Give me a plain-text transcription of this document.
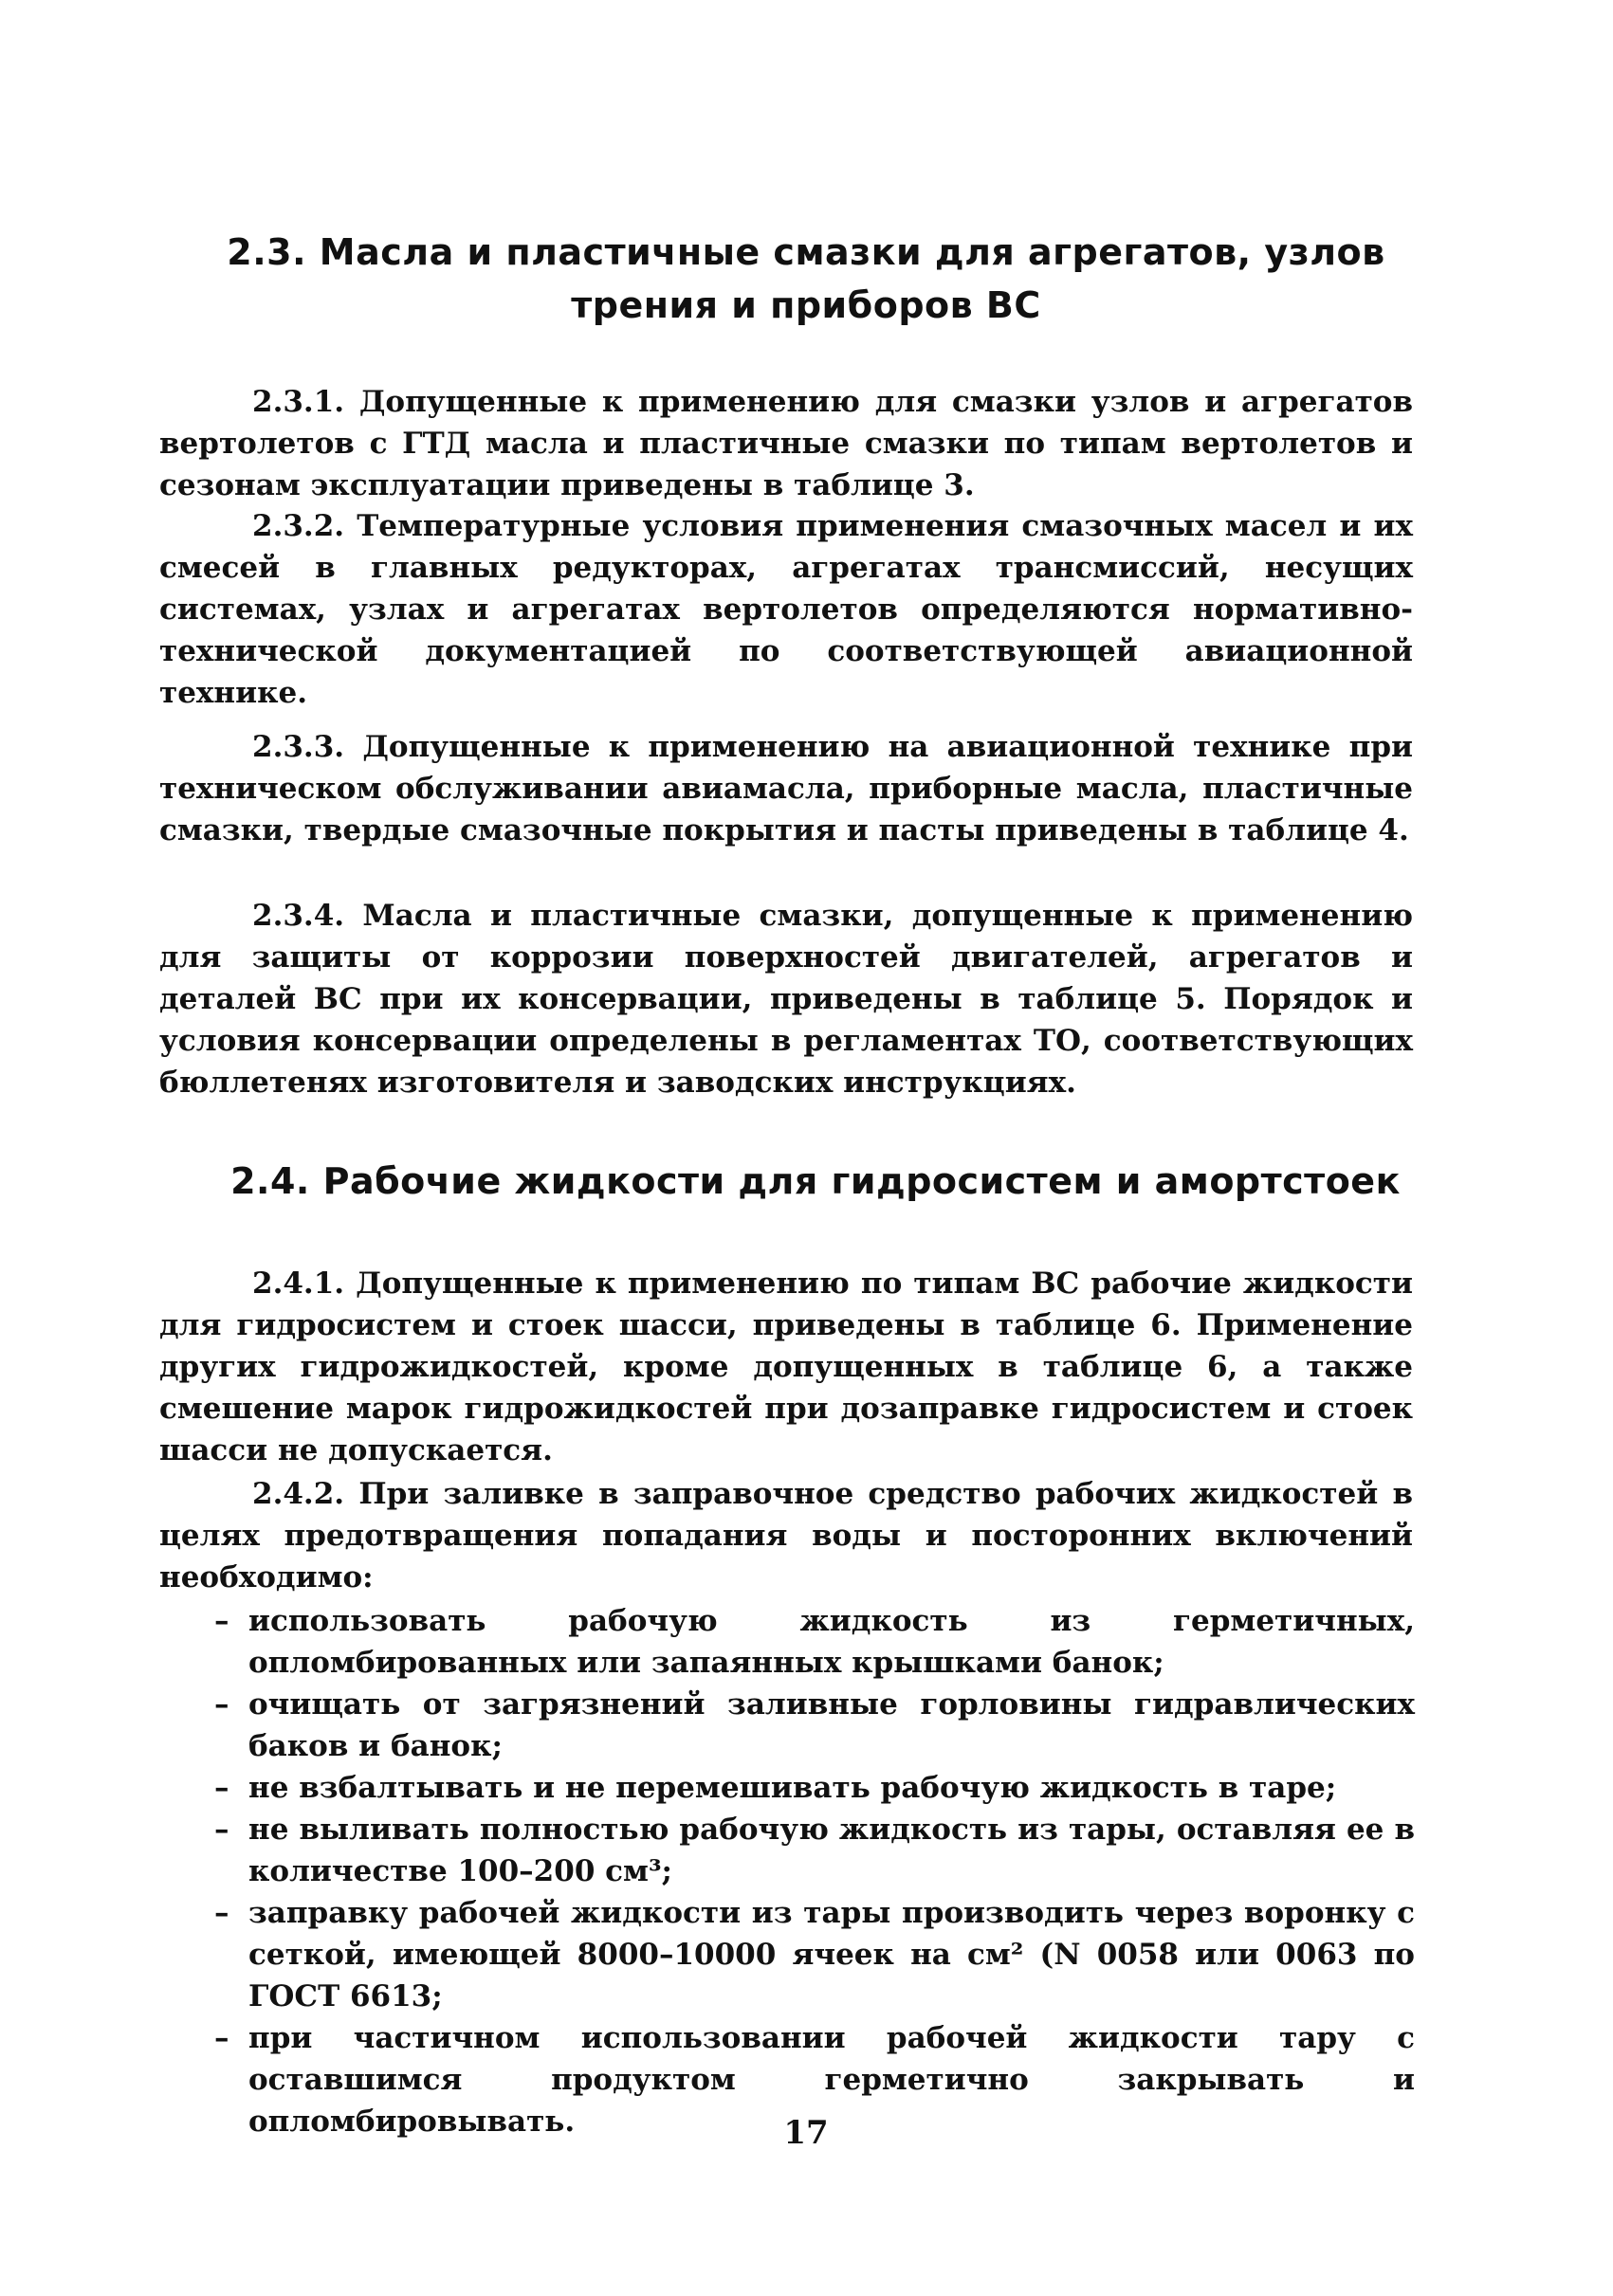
2.3. Масла и пластичные смазки для агрегатов, узлов
трения и приборов ВС

2.3.1. Допущенные к применению для смазки узлов и агрегатов вертолетов с ГТД масла и пластичные смазки по типам вертолетов и сезонам эксплуатации приведены в таблице 3.

2.3.2. Температурные условия применения смазочных масел и их смесей в главных редукторах, агрегатах трансмиссий, несущих системах, узлах и агрегатах вертолетов определяются нормативно-технической документацией по соответствующей авиационной технике.

2.3.3. Допущенные к применению на авиационной технике при техническом обслуживании авиамасла, приборные масла, пластичные смазки, твердые смазочные покрытия и пасты приведены в таблице 4.

2.3.4. Масла и пластичные смазки, допущенные к применению для защиты от коррозии поверхностей двигателей, агрегатов и деталей ВС при их консервации, приведены в таблице 5. Порядок и условия консервации определены в регламентах ТО, соответствующих бюллетенях изготовителя и заводских инструкциях.

2.4. Рабочие жидкости для гидросистем и амортстоек

2.4.1. Допущенные к применению по типам ВС рабочие жидкости для гидросистем и стоек шасси, приведены в таблице 6. Применение других гидрожидкостей, кроме допущенных в таблице 6, а также смешение марок гидрожидкостей при дозаправке гидросистем и стоек шасси не допускается.

2.4.2. При заливке в заправочное средство рабочих жидкостей в целях предотвращения попадания воды и посторонних включений необходимо:

– использовать рабочую жидкость из герметичных, опломбированных или запаянных крышками банок;
– очищать от загрязнений заливные горловины гидравлических баков и банок;
– не взбалтывать и не перемешивать рабочую жидкость в таре;
– не выливать полностью рабочую жидкость из тары, оставляя ее в количестве 100–200 см³;
– заправку рабочей жидкости из тары производить через воронку с сеткой, имеющей 8000–10000 ячеек на см² (N 0058 или 0063 по ГОСТ 6613;
– при частичном использовании рабочей жидкости тару с оставшимся продуктом герметично закрывать и опломбировывать.	17
